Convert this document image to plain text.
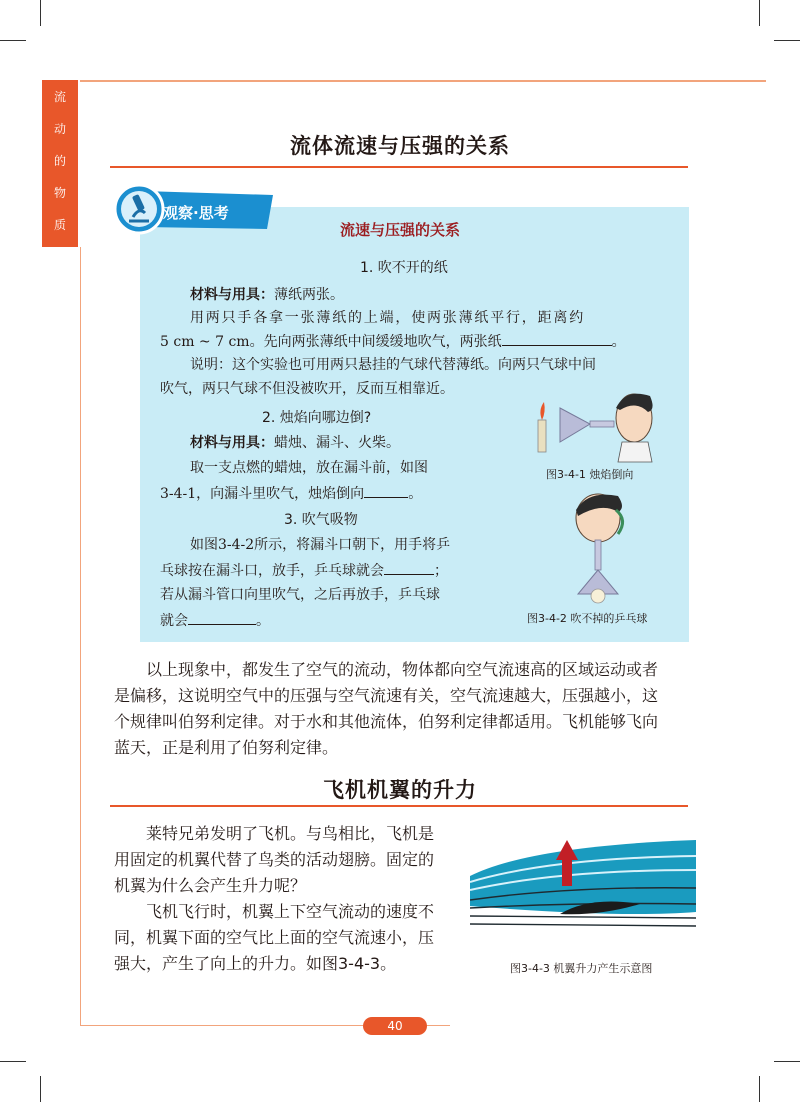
流
动
的
物
质
流体流速与压强的关系
观察·思考
流速与压强的关系
1. 吹不开的纸
材料与用具：薄纸两张。
用两只手各拿一张薄纸的上端，使两张薄纸平行，距离约
5 cm ~ 7 cm。先向两张薄纸中间缓缓地吹气，两张纸	。
说明：这个实验也可用两只悬挂的气球代替薄纸。向两只气球中间
吹气，两只气球不但没被吹开，反而互相靠近。
2. 烛焰向哪边倒?
材料与用具：蜡烛、漏斗、火柴。
取一支点燃的蜡烛，放在漏斗前，如图
3-4-1，向漏斗里吹气，烛焰倒向	。
3. 吹气吸物
如图3-4-2所示，将漏斗口朝下，用手将乒
乓球按在漏斗口，放手，乒乓球就会	；
若从漏斗管口向里吹气，之后再放手，乒乓球
就会	。
图3-4-1 烛焰倒向
图3-4-2 吹不掉的乒乓球
以上现象中，都发生了空气的流动，物体都向空气流速高的区域运动或者
是偏移，这说明空气中的压强与空气流速有关，空气流速越大，压强越小，这
个规律叫伯努利定律。对于水和其他流体，伯努利定律都适用。飞机能够飞向
蓝天，正是利用了伯努利定律。
飞机机翼的升力
莱特兄弟发明了飞机。与鸟相比，飞机是
用固定的机翼代替了鸟类的活动翅膀。固定的
机翼为什么会产生升力呢？
飞机飞行时，机翼上下空气流动的速度不
同，机翼下面的空气比上面的空气流速小，压
强大，产生了向上的升力。如图3-4-3。	图3-4-3 机翼升力产生示意图
40
